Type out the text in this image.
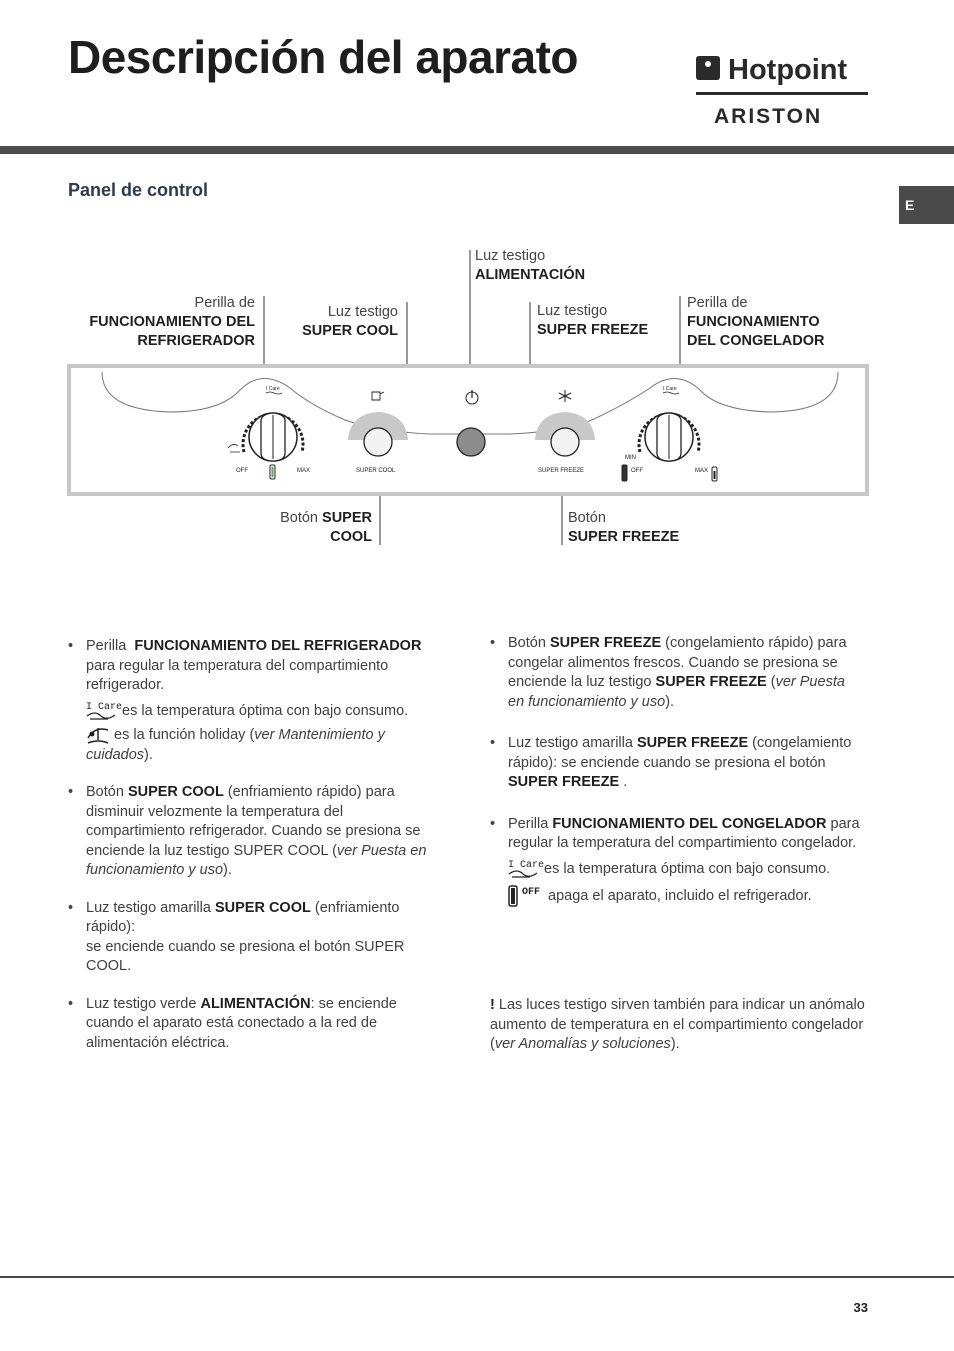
Descripción del aparato	Hotpoint
ARISTON
Panel de control
E
Perilla de
FUNCIONAMIENTO DEL
REFRIGERADOR
Luz testigo
SUPER COOL
Luz testigo
ALIMENTACIÓN
Luz testigo
SUPER FREEZE
Perilla de
FUNCIONAMIENTO
DEL CONGELADOR
Botón SUPER
COOL
Botón
SUPER FREEZE
I Care
OFF	MAX	SUPER COOL	SUPER FREEZE
I Care
MIN
OFF	MAX
• Perilla FUNCIONAMIENTO DEL REFRIGERADOR para regular la temperatura del compartimiento refrigerador.
I Care es la temperatura óptima con bajo consumo.
es la función holiday (ver Mantenimiento y cuidados).
• Botón SUPER COOL (enfriamiento rápido) para disminuir velozmente la temperatura del compartimiento refrigerador. Cuando se presiona se enciende la luz testigo SUPER COOL (ver Puesta en funcionamiento y uso).
• Luz testigo amarilla SUPER COOL (enfriamiento rápido):
se enciende cuando se presiona el botón SUPER COOL.
• Luz testigo verde ALIMENTACIÓN: se enciende cuando el aparato está conectado a la red de alimentación eléctrica.
• Botón SUPER FREEZE (congelamiento rápido) para congelar alimentos frescos. Cuando se presiona se enciende la luz testigo SUPER FREEZE (ver Puesta en funcionamiento y uso).
• Luz testigo amarilla SUPER FREEZE (congelamiento rápido): se enciende cuando se presiona el botón SUPER FREEZE .
• Perilla FUNCIONAMIENTO DEL CONGELADOR para regular la temperatura del compartimiento congelador.
I Care es la temperatura óptima con bajo consumo.
OFF apaga el aparato, incluido el refrigerador.
! Las luces testigo sirven también para indicar un anómalo aumento de temperatura en el compartimiento congelador (ver Anomalías y soluciones).
33
